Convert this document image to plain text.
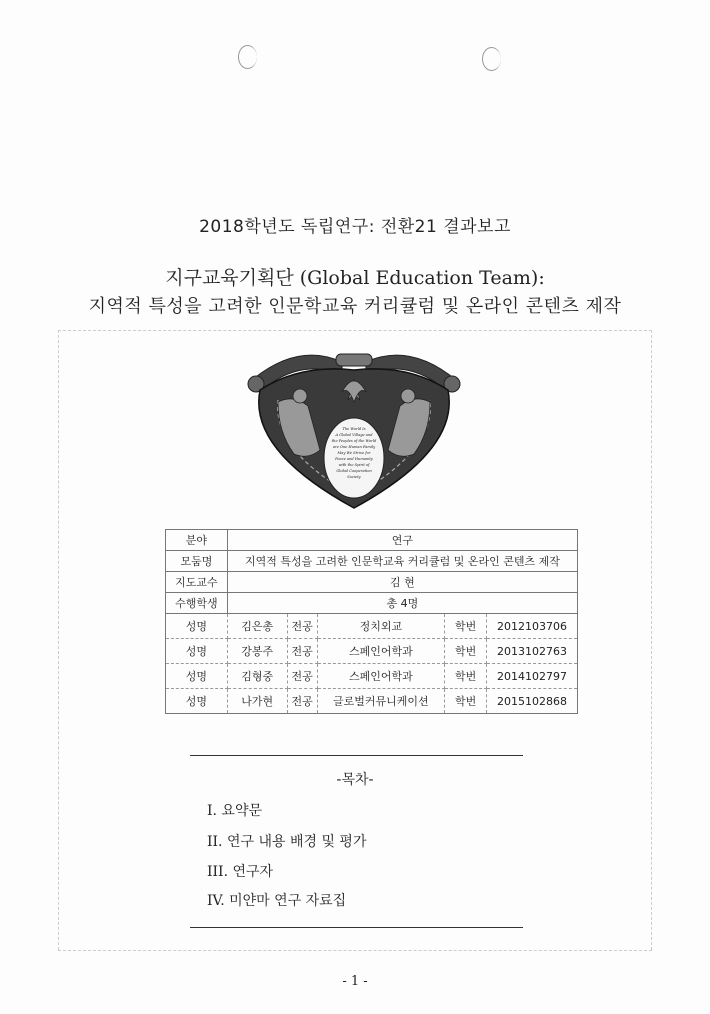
2018학년도 독립연구: 전환21 결과보고
지구교육기획단 (Global Education Team):
지역적 특성을 고려한 인문학교육 커리큘럼 및 온라인 콘텐츠 제작
The World Is
A Global Village and
the Peoples of the World
are One Human Family
May We Strive for
Peace and Humanity
with the Spirit of
Global Cooperation
Society
분야	연구				
모둠명	지역적 특성을 고려한 인문학교육 커리큘럼 및 온라인 콘텐츠 제작				
지도교수	김 현				
수행학생	총 4명				
성명	김은총	전공	정치외교	학번	2012103706
성명	강봉주	전공	스페인어학과	학번	2013102763
성명	김형중	전공	스페인어학과	학번	2014102797
성명	나가현	전공	글로벌커뮤니케이션	학번	2015102868
-목차-
I. 요약문
II. 연구 내용 배경 및 평가
III. 연구자
IV. 미얀마 연구 자료집
- 1 -
